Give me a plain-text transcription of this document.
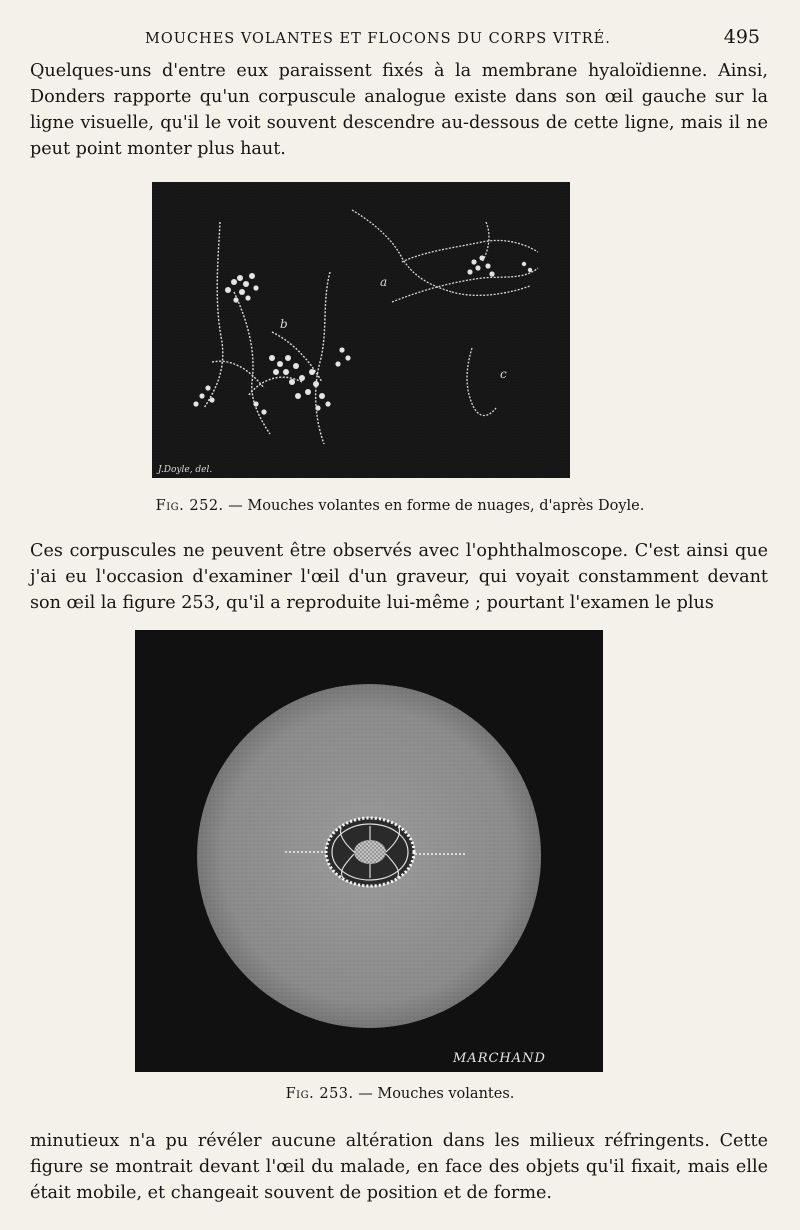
MOUCHES VOLANTES ET FLOCONS DU CORPS VITRÉ.	495

Quelques-uns d'entre eux paraissent fixés à la membrane hyaloïdienne. Ainsi, Donders rapporte qu'un corpuscule analogue existe dans son œil gauche sur la ligne visuelle, qu'il le voit souvent descendre au-dessous de cette ligne, mais il ne peut point monter plus haut.

a
b
c
J.Doyle, del.

Fig. 252. — Mouches volantes en forme de nuages, d'après Doyle.

Ces corpuscules ne peuvent être observés avec l'ophthalmoscope. C'est ainsi que j'ai eu l'occasion d'examiner l'œil d'un graveur, qui voyait constamment devant son œil la figure 253, qu'il a reproduite lui-même ; pourtant l'examen le plus

MARCHAND

Fig. 253. — Mouches volantes.

minutieux n'a pu révéler aucune altération dans les milieux réfringents. Cette figure se montrait devant l'œil du malade, en face des objets qu'il fixait, mais elle était mobile, et changeait souvent de position et de forme.
